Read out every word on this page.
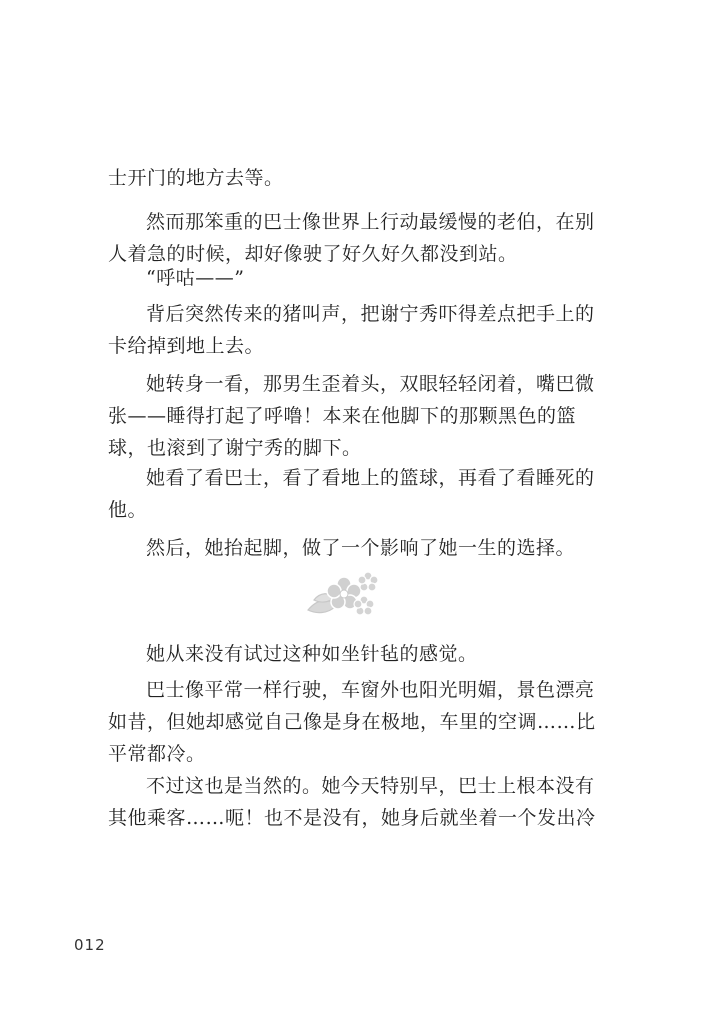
士开门的地方去等。
然而那笨重的巴士像世界上行动最缓慢的老伯，在别
人着急的时候，却好像驶了好久好久都没到站。
“呼咕——”
背后突然传来的猪叫声，把谢宁秀吓得差点把手上的
卡给掉到地上去。
她转身一看，那男生歪着头，双眼轻轻闭着，嘴巴微
张——睡得打起了呼噜！本来在他脚下的那颗黑色的篮
球，也滚到了谢宁秀的脚下。
她看了看巴士，看了看地上的篮球，再看了看睡死的
他。
然后，她抬起脚，做了一个影响了她一生的选择。
她从来没有试过这种如坐针毡的感觉。
巴士像平常一样行驶，车窗外也阳光明媚，景色漂亮
如昔，但她却感觉自己像是身在极地，车里的空调……比
平常都冷。
不过这也是当然的。她今天特别早，巴士上根本没有
其他乘客……呃！也不是没有，她身后就坐着一个发出冷
012
